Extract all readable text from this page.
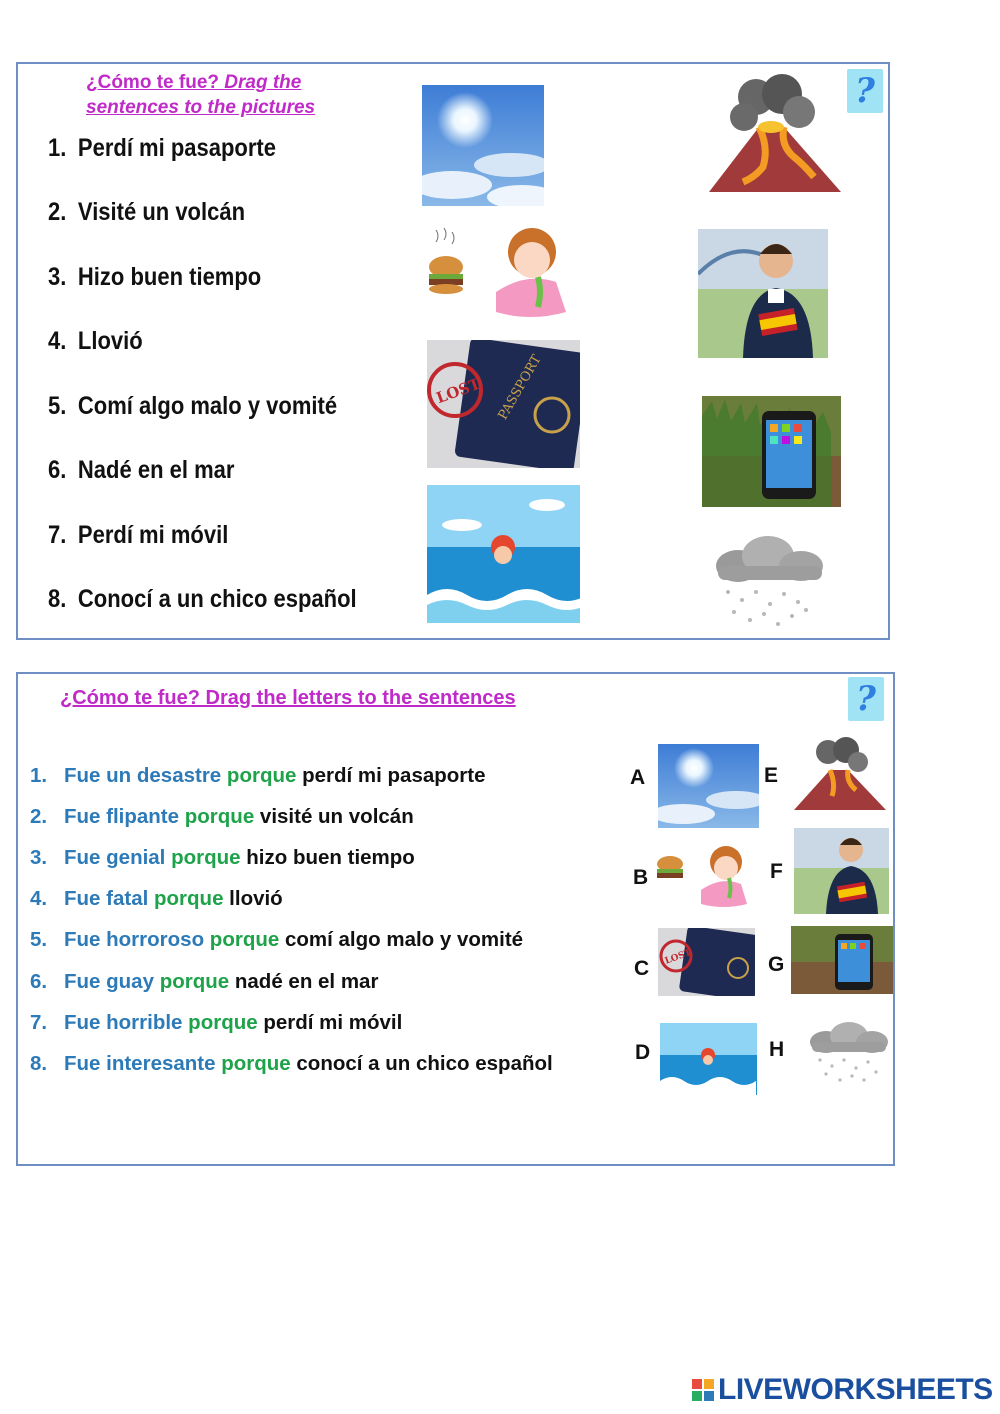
¿Cómo te fue? Drag the
sentences to the pictures	?
1. Perdí mi pasaporte
2. Visité un volcán
3. Hizo buen tiempo
4. Llovió
5. Comí algo malo y vomité
6. Nadé en el mar
7. Perdí mi móvil
8. Conocí a un chico español
PASSPORT
LOST
¿Cómo te fue? Drag the letters to the sentences	?
1. Fue un desastre porque perdí mi pasaporte
2. Fue flipante porque visité un volcán
3. Fue genial porque hizo buen tiempo
4. Fue fatal porque llovió
5. Fue horroroso porque comí algo malo y vomité
6. Fue guay porque nadé en el mar
7. Fue horrible porque perdí mi móvil
8. Fue interesante porque conocí a un chico español
A
B
C
D
E
F
G
H
LOST
LIVEWORKSHEETS
